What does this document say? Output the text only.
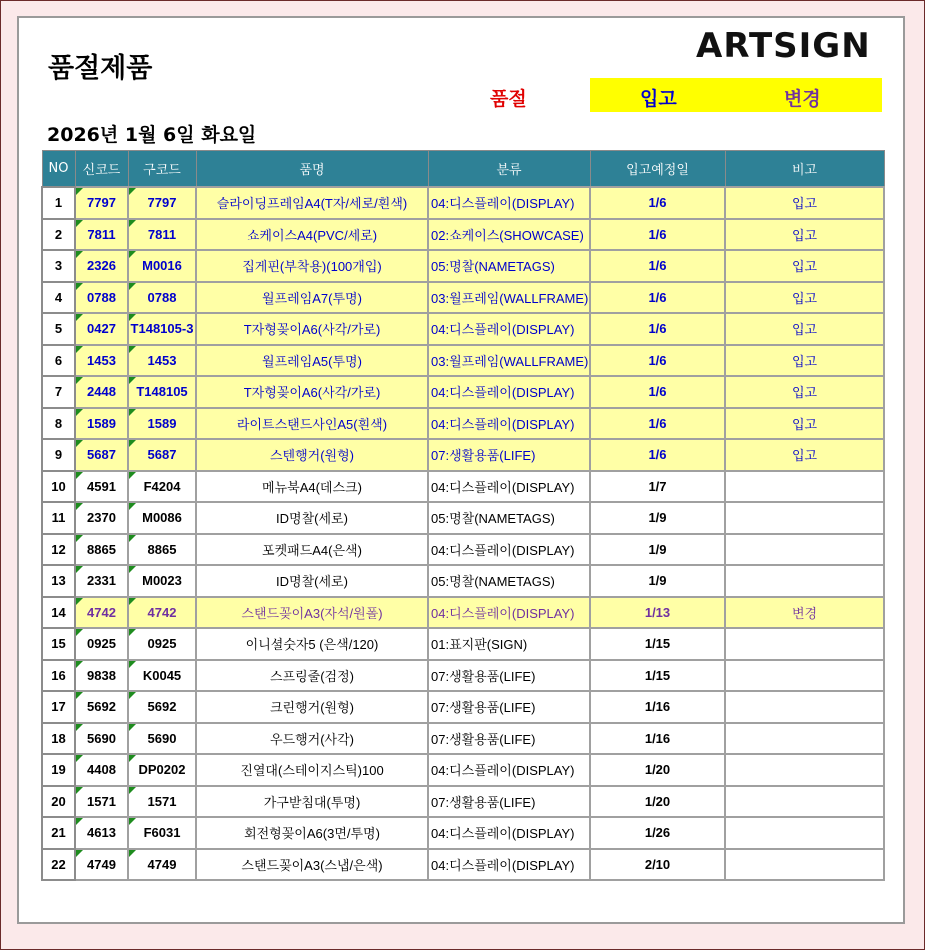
품절제품
ARTSIGN
품절	입고	변경
2026년 1월 6일 화요일
NO	신코드	구코드	품명	분류	입고예정일	비고
1	7797	7797	슬라이딩프레임A4(T자/세로/흰색)	04:디스플레이(DISPLAY)	1/6	입고
2	7811	7811	쇼케이스A4(PVC/세로)	02:쇼케이스(SHOWCASE)	1/6	입고
3	2326	M0016	집게핀(부착용)(100개입)	05:명찰(NAMETAGS)	1/6	입고
4	0788	0788	월프레임A7(투명)	03:월프레임(WALLFRAME)	1/6	입고
5	0427	T148105-3	T자형꽂이A6(사각/가로)	04:디스플레이(DISPLAY)	1/6	입고
6	1453	1453	월프레임A5(투명)	03:월프레임(WALLFRAME)	1/6	입고
7	2448	T148105	T자형꽂이A6(사각/가로)	04:디스플레이(DISPLAY)	1/6	입고
8	1589	1589	라이트스탠드사인A5(흰색)	04:디스플레이(DISPLAY)	1/6	입고
9	5687	5687	스텐행거(원형)	07:생활용품(LIFE)	1/6	입고
10	4591	F4204	메뉴북A4(데스크)	04:디스플레이(DISPLAY)	1/7	
11	2370	M0086	ID명찰(세로)	05:명찰(NAMETAGS)	1/9	
12	8865	8865	포켓패드A4(은색)	04:디스플레이(DISPLAY)	1/9	
13	2331	M0023	ID명찰(세로)	05:명찰(NAMETAGS)	1/9	
14	4742	4742	스탠드꽂이A3(자석/원폴)	04:디스플레이(DISPLAY)	1/13	변경
15	0925	0925	이니셜숫자5 (은색/120)	01:표지판(SIGN)	1/15	
16	9838	K0045	스프링줄(검정)	07:생활용품(LIFE)	1/15	
17	5692	5692	크린행거(원형)	07:생활용품(LIFE)	1/16	
18	5690	5690	우드행거(사각)	07:생활용품(LIFE)	1/16	
19	4408	DP0202	진열대(스테이지스틱)100	04:디스플레이(DISPLAY)	1/20	
20	1571	1571	가구받침대(투명)	07:생활용품(LIFE)	1/20	
21	4613	F6031	회전형꽂이A6(3면/투명)	04:디스플레이(DISPLAY)	1/26	
22	4749	4749	스탠드꽂이A3(스냅/은색)	04:디스플레이(DISPLAY)	2/10	
